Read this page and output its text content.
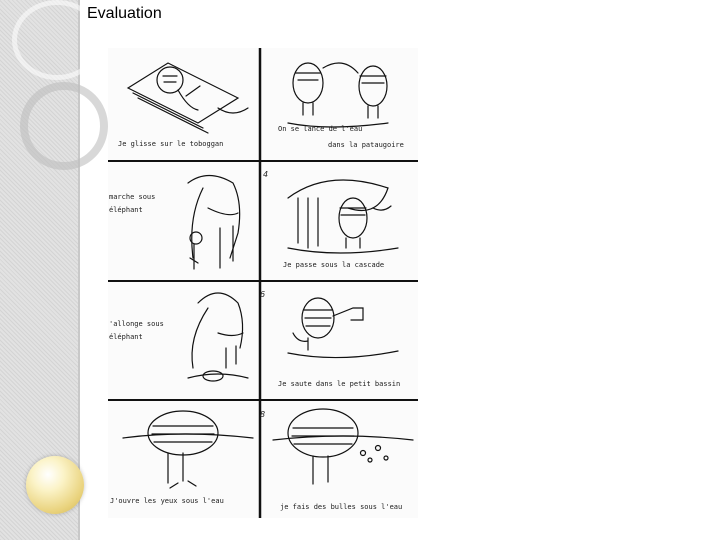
Evaluation
Je glisse sur le toboggan
On se lance de l'eau
dans la pataugoire
marche sous
éléphant
4
Je passe sous la cascade
'allonge sous
éléphant
6
Je saute dans le petit bassin
J'ouvre les yeux sous l'eau
8
je fais des bulles sous l'eau
